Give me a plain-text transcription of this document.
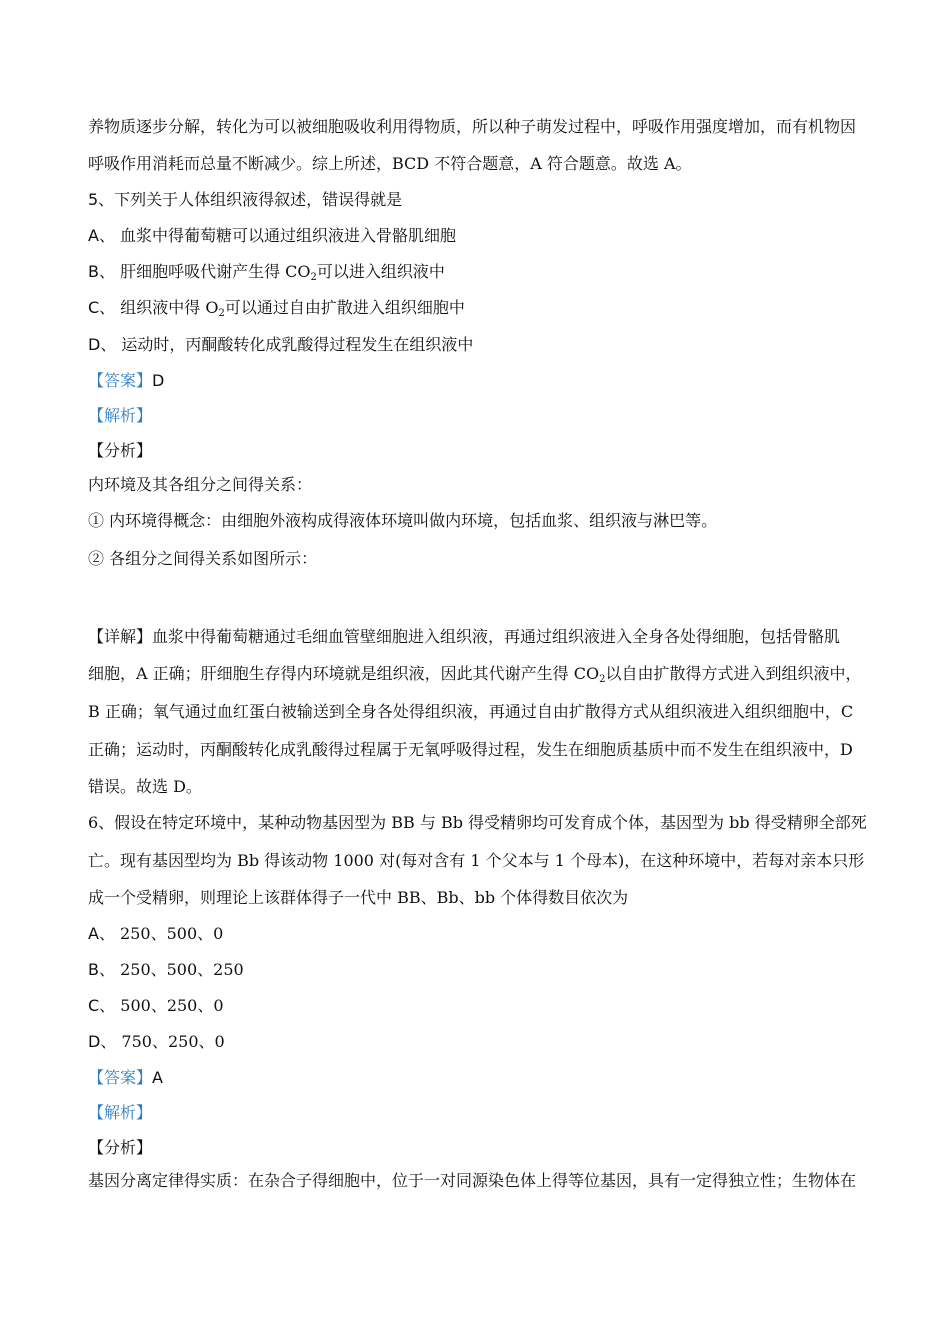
养物质逐步分解，转化为可以被细胞吸收利用得物质，所以种子萌发过程中，呼吸作用强度增加，而有机物因
呼吸作用消耗而总量不断减少。综上所述，BCD 不符合题意，A 符合题意。故选 A。
5、下列关于人体组织液得叙述，错误得就是
A、 血浆中得葡萄糖可以通过组织液进入骨骼肌细胞
B、 肝细胞呼吸代谢产生得 $CO_2$可以进入组织液中
C、 组织液中得 $O_2$可以通过自由扩散进入组织细胞中
D、 运动时，丙酮酸转化成乳酸得过程发生在组织液中
【答案】D
【解析】
【分析】
内环境及其各组分之间得关系：
① 内环境得概念：由细胞外液构成得液体环境叫做内环境，包括血浆、组织液与淋巴等。
② 各组分之间得关系如图所示：
【详解】血浆中得葡萄糖通过毛细血管壁细胞进入组织液，再通过组织液进入全身各处得细胞，包括骨骼肌
细胞，A 正确；肝细胞生存得内环境就是组织液，因此其代谢产生得 $CO_2$以自由扩散得方式进入到组织液中，
B 正确；氧气通过血红蛋白被输送到全身各处得组织液，再通过自由扩散得方式从组织液进入组织细胞中，C
正确；运动时，丙酮酸转化成乳酸得过程属于无氧呼吸得过程，发生在细胞质基质中而不发生在组织液中，D
错误。故选 D。
6、假设在特定环境中，某种动物基因型为 BB 与 Bb 得受精卵均可发育成个体，基因型为 bb 得受精卵全部死
亡。现有基因型均为 Bb 得该动物 1000 对(每对含有 1 个父本与 1 个母本)，在这种环境中，若每对亲本只形
成一个受精卵，则理论上该群体得子一代中 BB、Bb、bb 个体得数目依次为
A、 250、500、0
B、 250、500、250
C、 500、250、0
D、 750、250、0
【答案】A
【解析】
【分析】
基因分离定律得实质：在杂合子得细胞中，位于一对同源染色体上得等位基因，具有一定得独立性；生物体在
